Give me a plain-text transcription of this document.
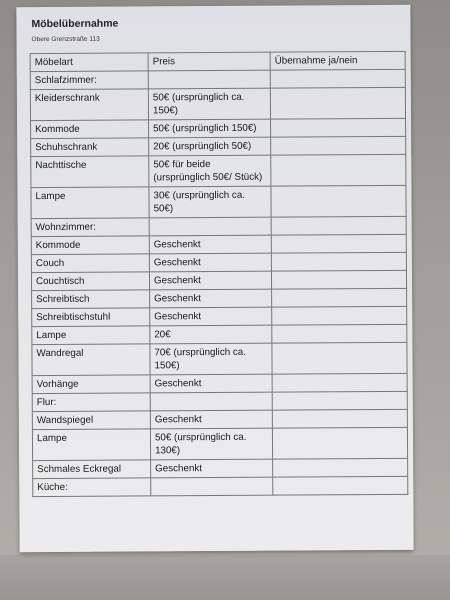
Möbelübernahme
Obere Grenzstraße 113
Möbelart	Preis	Übernahme ja/nein
Schlafzimmer:		
Kleiderschrank	50€ (ursprünglich ca. 150€)	
Kommode	50€ (ursprünglich 150€)	
Schuhschrank	20€ (ursprünglich 50€)	
Nachttische	50€ für beide (ursprünglich 50€/ Stück)	
Lampe	30€ (ursprünglich ca. 50€)	
Wohnzimmer:		
Kommode	Geschenkt	
Couch	Geschenkt	
Couchtisch	Geschenkt	
Schreibtisch	Geschenkt	
Schreibtischstuhl	Geschenkt	
Lampe	20€	
Wandregal	70€ (ursprünglich ca. 150€)	
Vorhänge	Geschenkt	
Flur:		
Wandspiegel	Geschenkt	
Lampe	50€ (ursprünglich ca. 130€)	
Schmales Eckregal	Geschenkt	
Küche:		
